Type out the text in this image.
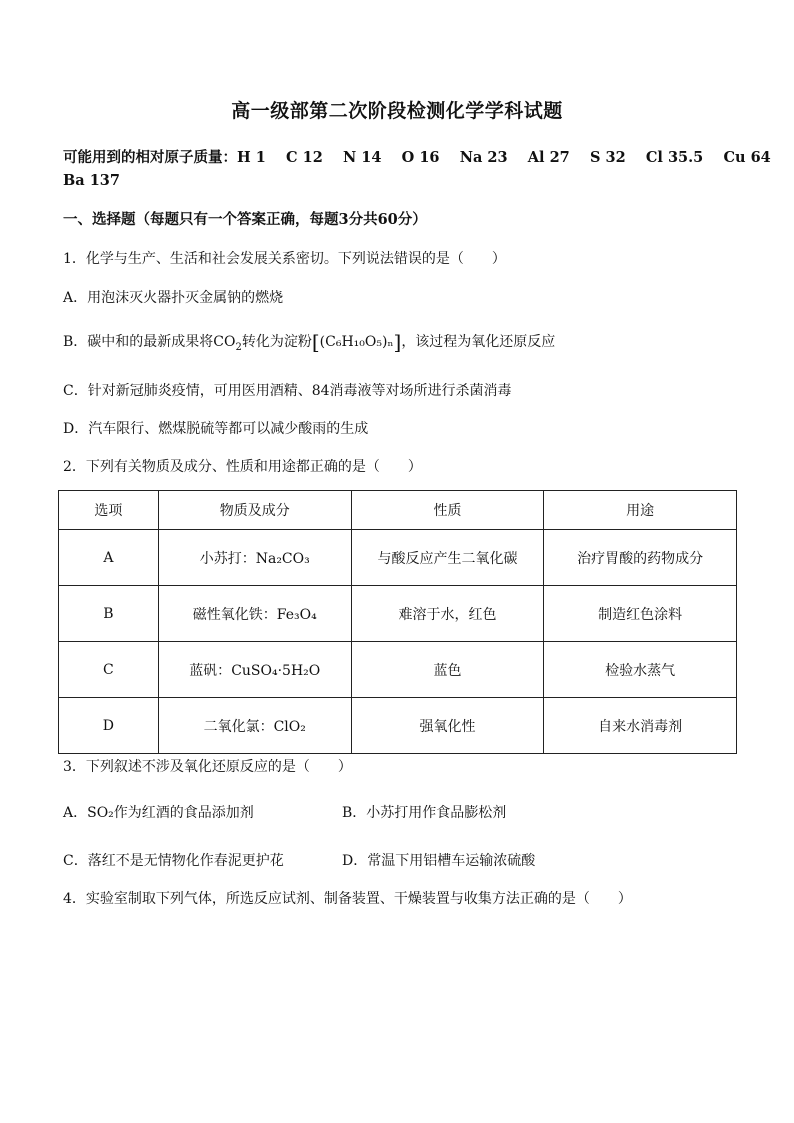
高一级部第二次阶段检测化学学科试题
可能用到的相对原子质量：H 1    C 12    N 14    O 16    Na 23    Al 27    S 32    Cl 35.5    Cu 64
Ba 137
一、选择题（每题只有一个答案正确，每题3分共60分）
1．化学与生产、生活和社会发展关系密切。下列说法错误的是（　　）
A．用泡沫灭火器扑灭金属钠的燃烧
B．碳中和的最新成果将$CO_2$转化为淀粉[(C₆H₁₀O₅)ₙ]，该过程为氧化还原反应
C．针对新冠肺炎疫情，可用医用酒精、84消毒液等对场所进行杀菌消毒
D．汽车限行、燃煤脱硫等都可以减少酸雨的生成
2．下列有关物质及成分、性质和用途都正确的是（　　）
选项	物质及成分	性质	用途
A	小苏打：Na₂CO₃	与酸反应产生二氧化碳	治疗胃酸的药物成分
B	磁性氧化铁：Fe₃O₄	难溶于水，红色	制造红色涂料
C	蓝矾：CuSO₄·5H₂O	蓝色	检验水蒸气
D	二氧化氯：ClO₂	强氧化性	自来水消毒剂
3．下列叙述不涉及氧化还原反应的是（　　）
A．SO₂作为红酒的食品添加剂	B．小苏打用作食品膨松剂
C．落红不是无情物化作春泥更护花	D．常温下用铝槽车运输浓硫酸
4．实验室制取下列气体，所选反应试剂、制备装置、干燥装置与收集方法正确的是（　　）
